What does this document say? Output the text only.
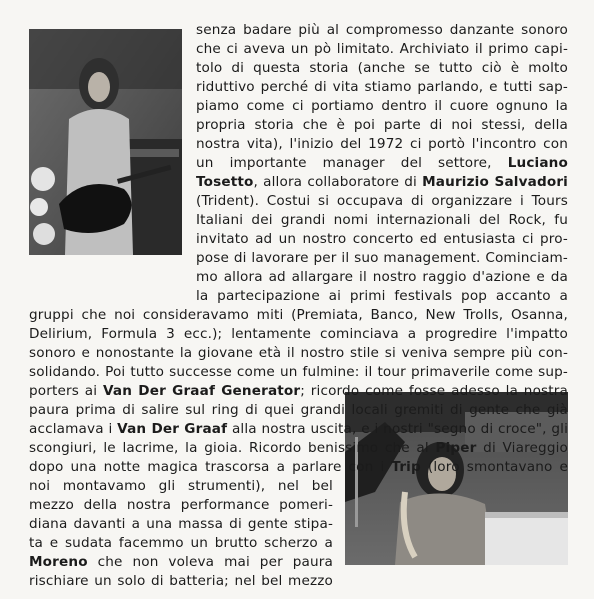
senza badare più al compromesso danzante sonoro
che ci aveva un pò limitato. Archiviato il primo capi-
tolo di questa storia (anche se tutto ciò è molto
riduttivo perché di vita stiamo parlando, e tutti sap-
piamo come ci portiamo dentro il cuore ognuno la
propria storia che è poi parte di noi stessi, della
nostra vita), l'inizio del 1972 ci portò l'incontro con
un importante manager del settore, Luciano
Tosetto, allora collaboratore di Maurizio Salvadori
(Trident). Costui si occupava di organizzare i Tours
Italiani dei grandi nomi internazionali del Rock, fu
invitato ad un nostro concerto ed entusiasta ci pro-
pose di lavorare per il suo management. Cominciam-
mo allora ad allargare il nostro raggio d'azione e da
la partecipazione ai primi festivals pop accanto a
gruppi che noi consideravamo miti (Premiata, Banco, New Trolls, Osanna,
Delirium, Formula 3 ecc.); lentamente cominciava a progredire l'impatto
sonoro e nonostante la giovane età il nostro stile si veniva sempre più con-
solidando. Poi tutto successe come un fulmine: il tour primaverile come sup-
porters ai Van Der Graaf Generator; ricordo come fosse adesso la nostra
paura prima di salire sul ring di quei grandi locali gremiti di gente che già
acclamava i Van Der Graaf alla nostra uscita, e i nostri "segno di croce", gli
scongiuri, le lacrime, la gioia. Ricordo benissimo che al Piper di Viareggio
dopo una notte magica trascorsa a parlare con i Trip (loro smontavano e
noi montavamo gli strumenti), nel bel
mezzo della nostra performance pomeri-
diana davanti a una massa di gente stipa-
ta e sudata facemmo un brutto scherzo a
Moreno che non voleva mai per paura
rischiare un solo di batteria; nel bel mezzo
